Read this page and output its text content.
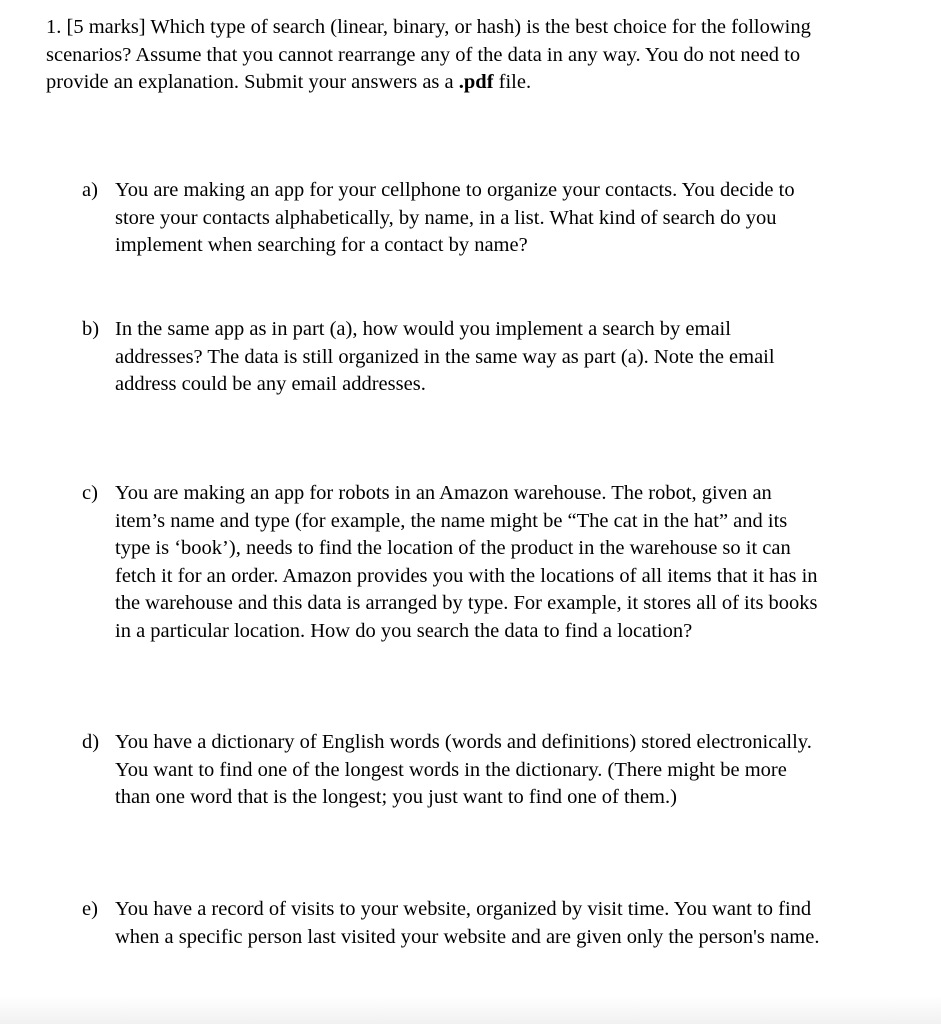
1. [5 marks] Which type of search (linear, binary, or hash) is the best choice for the following scenarios? Assume that you cannot rearrange any of the data in any way. You do not need to provide an explanation. Submit your answers as a .pdf file.

a) You are making an app for your cellphone to organize your contacts. You decide to store your contacts alphabetically, by name, in a list. What kind of search do you implement when searching for a contact by name?

b) In the same app as in part (a), how would you implement a search by email addresses? The data is still organized in the same way as part (a). Note the email address could be any email addresses.

c) You are making an app for robots in an Amazon warehouse. The robot, given an item’s name and type (for example, the name might be “The cat in the hat” and its type is ‘book’), needs to find the location of the product in the warehouse so it can fetch it for an order. Amazon provides you with the locations of all items that it has in the warehouse and this data is arranged by type. For example, it stores all of its books in a particular location. How do you search the data to find a location?

d) You have a dictionary of English words (words and definitions) stored electronically. You want to find one of the longest words in the dictionary. (There might be more than one word that is the longest; you just want to find one of them.)

e) You have a record of visits to your website, organized by visit time. You want to find when a specific person last visited your website and are given only the person's name.
